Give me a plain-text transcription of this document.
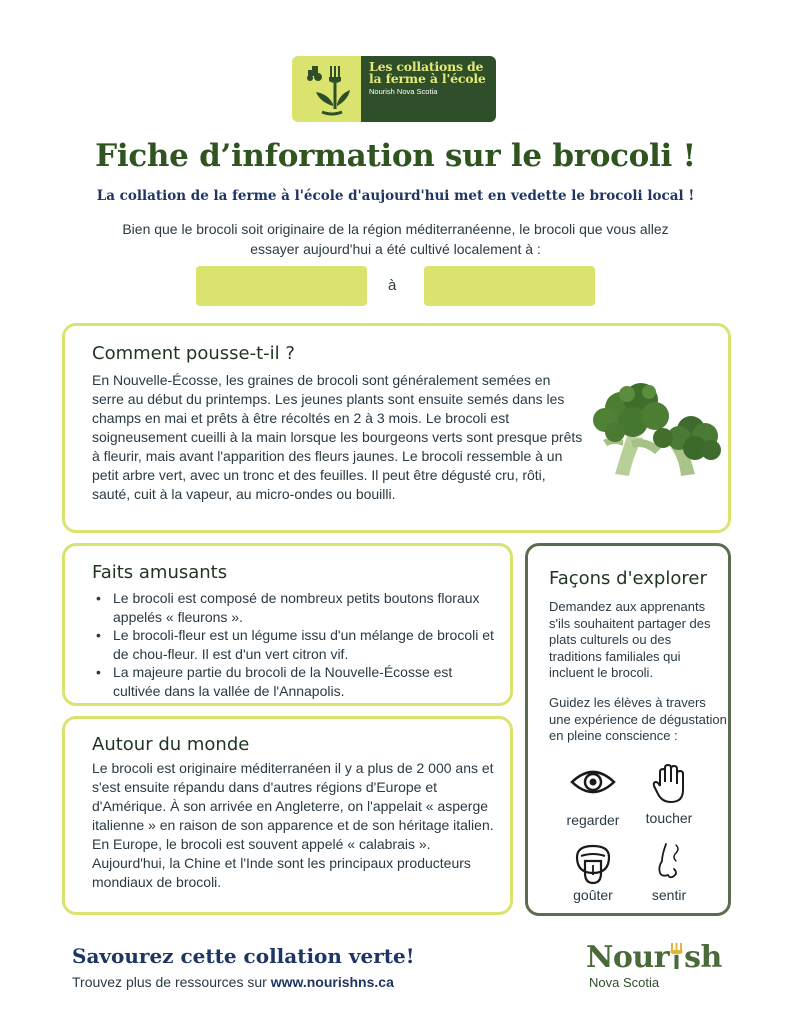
Les collations de la ferme à l'école
Nourish Nova Scotia
Fiche d’information sur le brocoli !
La collation de la ferme à l'école d'aujourd'hui met en vedette le brocoli local !
Bien que le brocoli soit originaire de la région méditerranéenne, le brocoli que vous allez essayer aujourd'hui a été cultivé localement à :
à
Comment pousse-t-il ?

En Nouvelle-Écosse, les graines de brocoli sont généralement semées en serre au début du printemps. Les jeunes plants sont ensuite semés dans les champs en mai et prêts à être récoltés en 2 à 3 mois. Le brocoli est soigneusement cueilli à la main lorsque les bourgeons verts sont presque prêts à fleurir, mais avant l'apparition des fleurs jaunes. Le brocoli ressemble à un petit arbre vert, avec un tronc et des feuilles. Il peut être dégusté cru, rôti, sauté, cuit à la vapeur, au micro-ondes ou bouilli.

Faits amusants
• Le brocoli est composé de nombreux petits boutons floraux appelés « fleurons ».
• Le brocoli-fleur est un légume issu d'un mélange de brocoli et de chou-fleur. Il est d'un vert citron vif.
• La majeure partie du brocoli de la Nouvelle-Écosse est cultivée dans la vallée de l'Annapolis.
Autour du monde

Le brocoli est originaire méditerranéen il y a plus de 2 000 ans et s'est ensuite répandu dans d'autres régions d'Europe et d'Amérique. À son arrivée en Angleterre, on l'appelait « asperge italienne » en raison de son apparence et de son héritage italien. En Europe, le brocoli est souvent appelé « calabrais ». Aujourd'hui, la Chine et l'Inde sont les principaux producteurs mondiaux de brocoli.

Façons d'explorer

Demandez aux apprenants s'ils souhaitent partager des plats culturels ou des traditions familiales qui incluent le brocoli.

Guidez les élèves à travers une expérience de dégustation en pleine conscience :

regarder	toucher
goûter	sentir
Savourez cette collation verte!
Trouvez plus de ressources sur www.nourishns.ca
Nour sh
Nova Scotia
